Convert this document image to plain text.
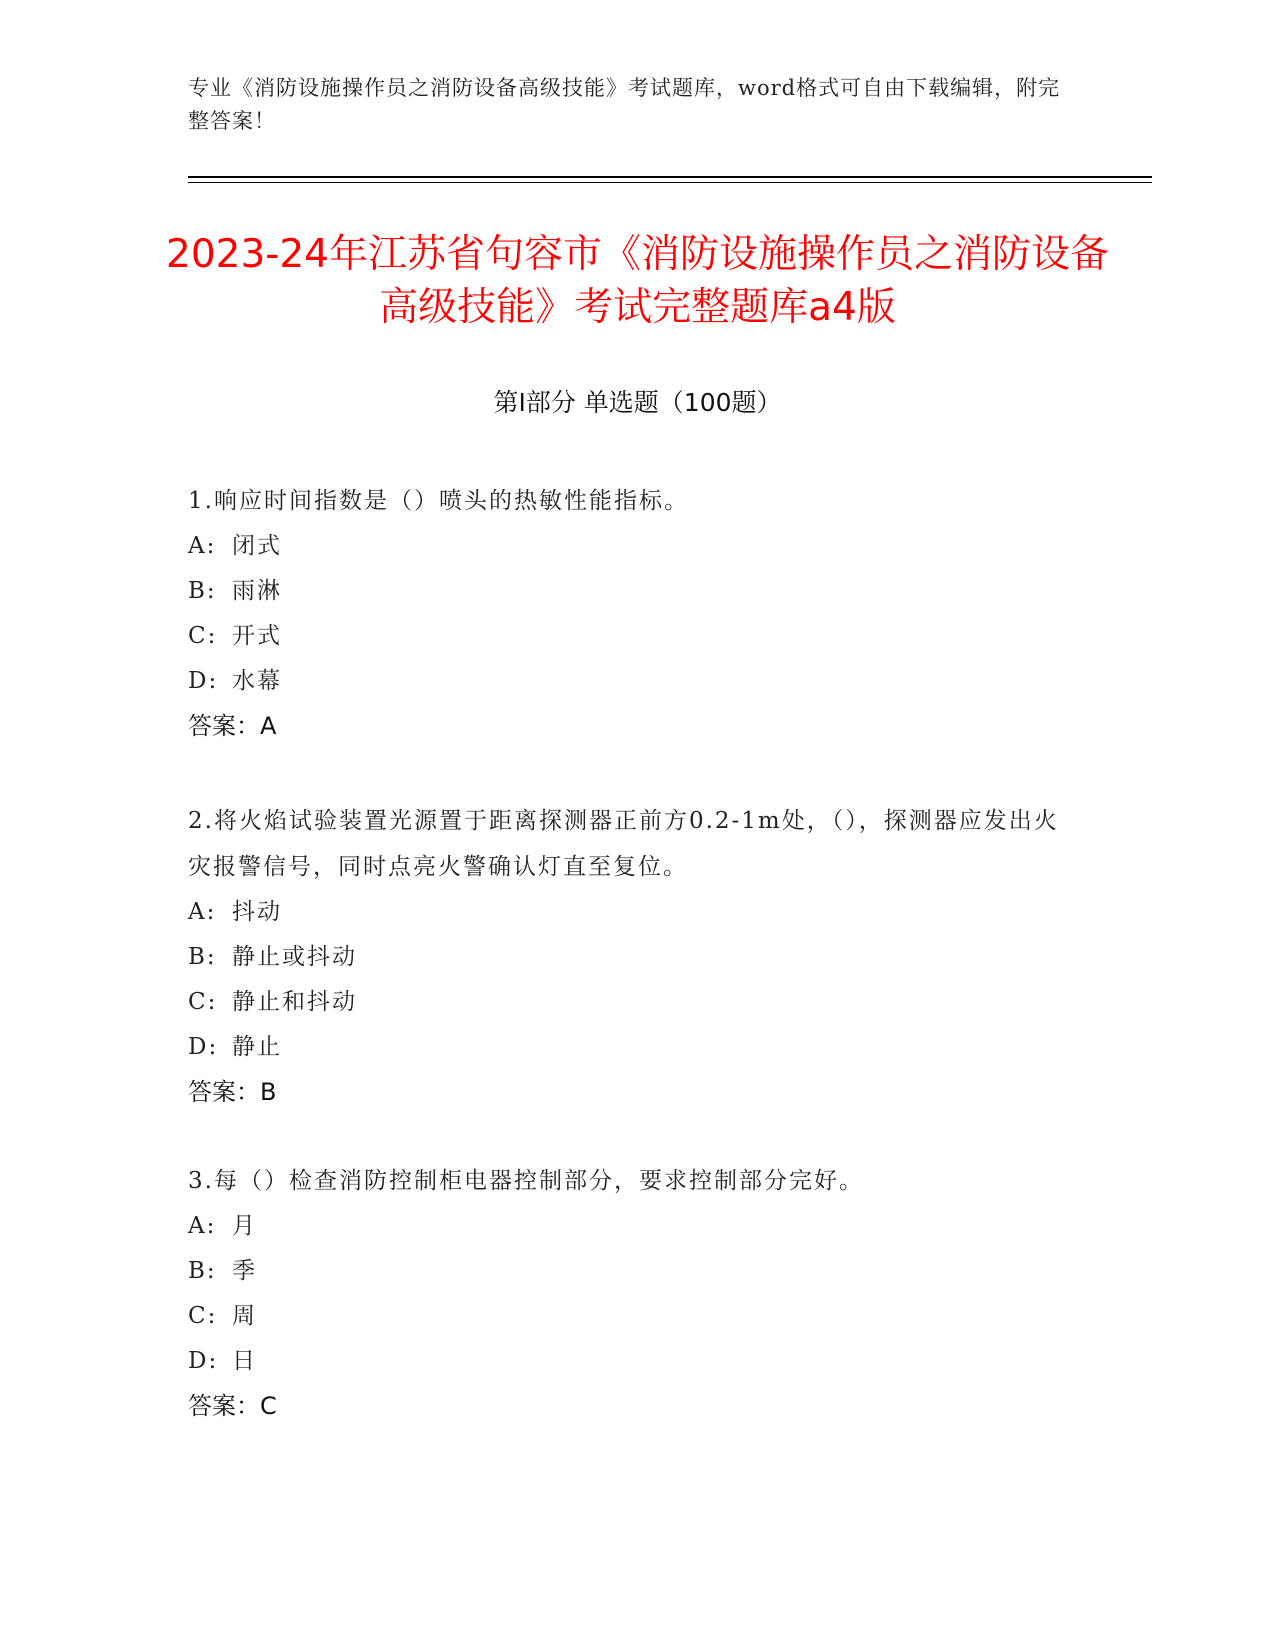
专业《消防设施操作员之消防设备高级技能》考试题库，word格式可自由下载编辑，附完整答案！
2023-24年江苏省句容市《消防设施操作员之消防设备高级技能》考试完整题库a4版
第I部分 单选题（100题）

1.响应时间指数是（）喷头的热敏性能指标。

A: 闭式

B: 雨淋

C: 开式

D: 水幕

答案：A

2.将火焰试验装置光源置于距离探测器正前方0.2-1m处，（），探测器应发出火灾报警信号，同时点亮火警确认灯直至复位。

A: 抖动

B: 静止或抖动

C: 静止和抖动

D: 静止

答案：B

3.每（）检查消防控制柜电器控制部分，要求控制部分完好。

A: 月

B: 季

C: 周

D: 日

答案：C
